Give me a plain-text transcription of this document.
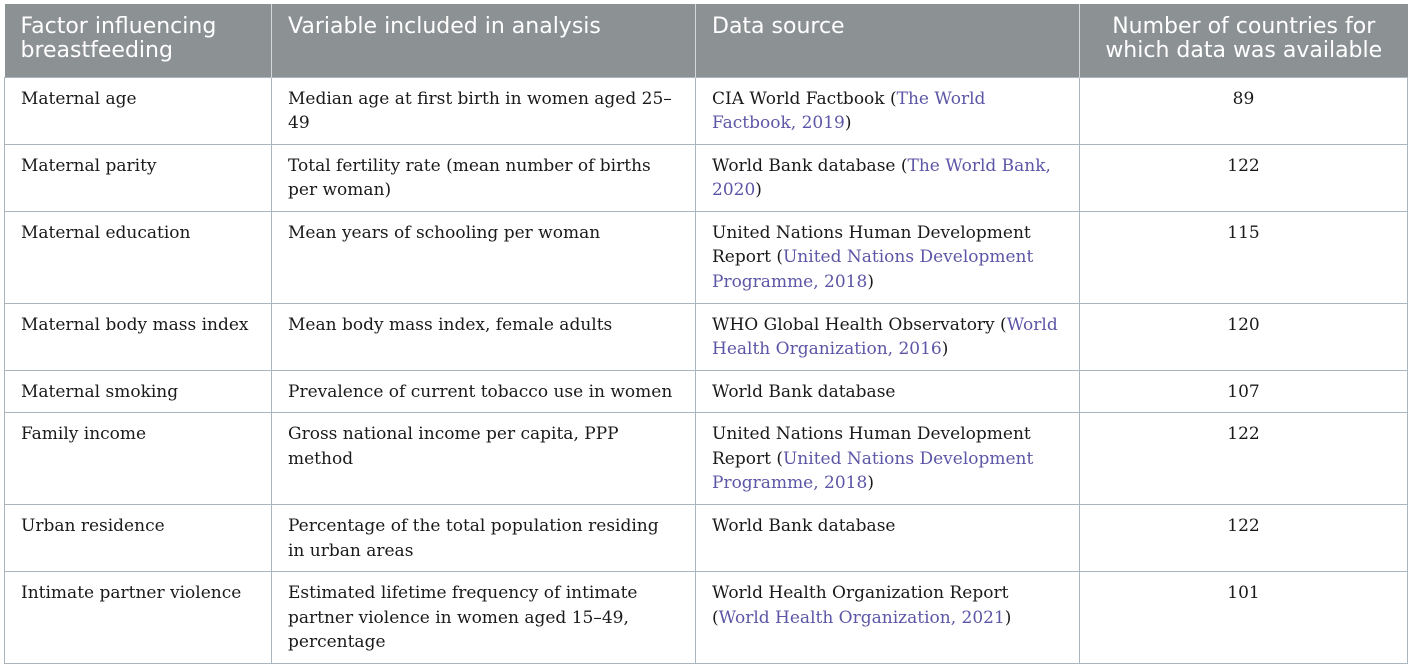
Factor influencing breastfeeding	Variable included in analysis	Data source	Number of countries for which data was available
Maternal age	Median age at first birth in women aged 25–49	CIA World Factbook (The World Factbook, 2019)	89
Maternal parity	Total fertility rate (mean number of births per woman)	World Bank database (The World Bank, 2020)	122
Maternal education	Mean years of schooling per woman	United Nations Human Development Report (United Nations Development Programme, 2018)	115
Maternal body mass index	Mean body mass index, female adults	WHO Global Health Observatory (World Health Organization, 2016)	120
Maternal smoking	Prevalence of current tobacco use in women	World Bank database	107
Family income	Gross national income per capita, PPP method	United Nations Human Development Report (United Nations Development Programme, 2018)	122
Urban residence	Percentage of the total population residing in urban areas	World Bank database	122
Intimate partner violence	Estimated lifetime frequency of intimate partner violence in women aged 15–49, percentage	World Health Organization Report (World Health Organization, 2021)	101
